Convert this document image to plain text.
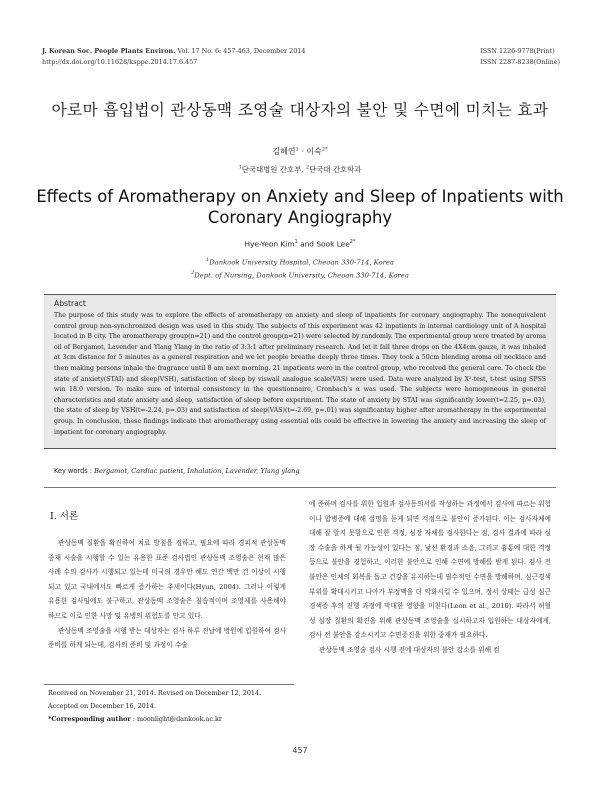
J. Korean Soc. People Plants Environ. Vol. 17 No. 6: 457-463, December 2014
http://dx.doi.org/10.11628/ksppe.2014.17.6.457
ISSN 1226-9778(Print)
ISSN 2287-8238(Online)
아로마 흡입법이 관상동맥 조영술 대상자의 불안 및 수면에 미치는 효과
김혜연$^1$ · 이숙$^{2*}$
$^1$단국대병원 간호부, $^2$단국대 간호학과
Effects of Aromatherapy on Anxiety and Sleep of Inpatients with Coronary Angiography
Hye-Yeon Kim$^1$ and Sook Lee$^{2*}$
$^1$Dankook University Hospital, Cheoan 330-714, Korea
$^2$Dept. of Nursing, Dankook University, Cheoan 330-714, Korea
Abstract
The purpose of this study was to explore the effects of aromatherapy on anxiety and sleep of inpatients for coronary angiography. The nonequivalent control group non-synchronized design was used in this study. The subjects of this experiment was 42 inpatients in internal cardiology unit of A hospital located in B city. The aromatherapy group(n=21) and the control group(n=21) were selected by randomly. The experimental group were treated by aroma oil of Bergamot, Lavender and Ylang Ylang in the ratio of 3:3:1 after preliminary research. And let it fall three drops on the 4X4cm gauze, it was inhaled at 3cm distance for 5 minutes as a general respiration and we let people breathe deeply three times. They took a 50cm blending aroma oil necklace and then making persons inhale the fragrance until 8 am next morning. 21 inpatients were in the control group, who received the general care. To check the state of anxiety(STAI) and sleep(VSH), satisfaction of sleep by viswail analogue scale(VAS) were used. Data were analyzed by X²-test, t-test using SPSS win 18.0 version. To make sure of internal consistency in the questionnaire, Cronbach's α was used. The subjects were homogeneous in general characteristics and state anxiety and sleep, satisfaction of sleep before experiment. The state of anxiety by STAI was significantly lower(t=2.25, p=.03), the state of sleep by VSH(t=-2.24, p=.03) and satisfaction of sleep(VAS)(t=-2.69, p=.01) was significantay higher after aromatherapy in the experimental group. In conclusion, these findings indicate that aromatherapy using essential oils could be effective in lowering the anxiety and increasing the sleep of inpatient for coronary angiography.
Key words : Bergamot, Cardiac patient, Inhalation, Lavender, Ylang ylang
I. 서론

관상동맥 질환을 확진하여 치료 방침을 정하고, 필요에 따라 경피적 관상동맥 중재 시술을 시행할 수 있는 유용한 표준 검사법인 관상동맥 조영술은 현재 많은 사례 수의 검사가 시행되고 있는데 미국의 경우만 해도 연간 백만 건 이상이 시행되고 있고 국내에서도 빠르게 증가하는 추세이다(Hyun, 2004). 그러나 이렇게 유용한 검사임에도 불구하고, 관상동맥 조영술은 침습적이며 조영제를 사용해야 하므로 이로 인한 사망 및 유병의 위험도를 안고 있다.

관상동맥 조영술을 시행 받는 대상자는 검사 하루 전날에 병원에 입원하여 검사준비를 하게 되는데, 검사의 준비 및 과정이 수술

에 준하며 검사를 위한 입원과 검사동의서를 작성하는 과정에서 검사에 따르는 위험이나 합병증에 대해 설명을 듣게 되면 걱정으로 불안이 증가된다. 이는 검사자체에 대해 잘 알지 못함으로 인한 걱정, 심장 자체를 검사한다는 점, 검사 결과에 따라 심장 수술을 하게 될 가능성이 있다는 점, 낯선 환경과 소음, 그리고 흉통에 대한 걱정 등으로 불안을 경험하고, 이러한 불안으로 인해 수면에 방해를 받게 된다. 검사 전 불안은 인체의 회복을 돕고 건강을 유지하는데 필수적인 수면을 방해하며, 심근경색 부위를 확대시키고 나아가 부정맥을 더 악화시킬 수 있으며, 정서 상태는 급성 심근경색증 후의 진행 과정에 막대한 영향을 미친다(Leon et al., 2010). 따라서 허혈성 심장 질환의 확진을 위해 관상동맥 조영술을 실시하고자 입원하는 대상자에게, 검사 전 불안을 감소시키고 수면증진을 위한 중재가 필요하다.

관상동맥 조영술 검사 시행 전에 대상자의 불안 감소를 위해 컴

Received on November 21, 2014. Revised on December 12, 2014.
Accepted on December 16, 2014.
*Corresponding author : moonlight@dankook.ac.kr
457
